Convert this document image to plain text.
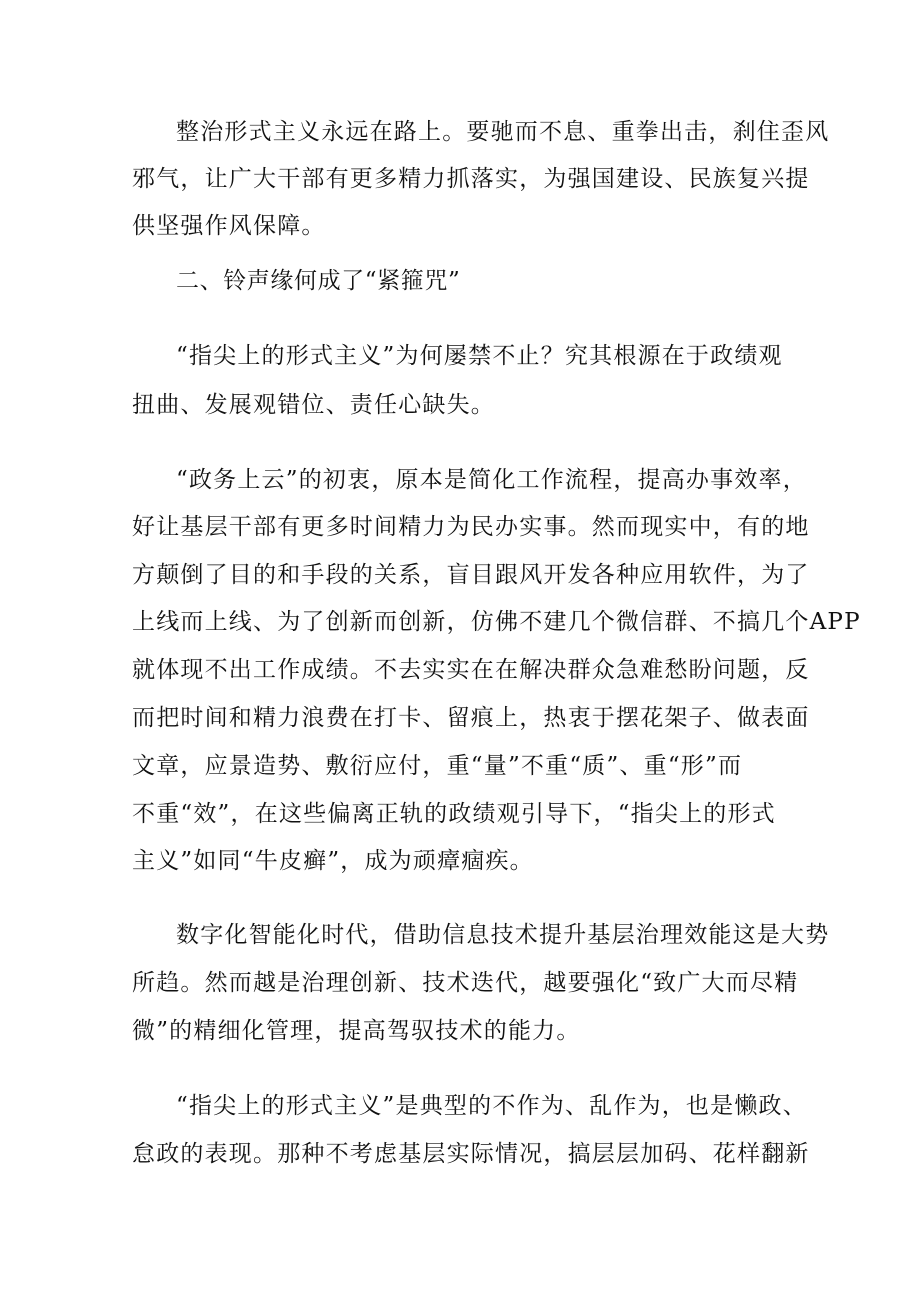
整治形式主义永远在路上。要驰而不息、重拳出击，刹住歪风
邪气，让广大干部有更多精力抓落实，为强国建设、民族复兴提
供坚强作风保障。
二、铃声缘何成了“紧箍咒”
“指尖上的形式主义”为何屡禁不止？究其根源在于政绩观
扭曲、发展观错位、责任心缺失。
“政务上云”的初衷，原本是简化工作流程，提高办事效率，
好让基层干部有更多时间精力为民办实事。然而现实中，有的地
方颠倒了目的和手段的关系，盲目跟风开发各种应用软件，为了
上线而上线、为了创新而创新，仿佛不建几个微信群、不搞几个APP
就体现不出工作成绩。不去实实在在解决群众急难愁盼问题，反
而把时间和精力浪费在打卡、留痕上，热衷于摆花架子、做表面
文章，应景造势、敷衍应付，重“量”不重“质”、重“形”而
不重“效”，在这些偏离正轨的政绩观引导下，“指尖上的形式
主义”如同“牛皮癣”，成为顽瘴痼疾。
数字化智能化时代，借助信息技术提升基层治理效能这是大势
所趋。然而越是治理创新、技术迭代，越要强化“致广大而尽精
微”的精细化管理，提高驾驭技术的能力。
“指尖上的形式主义”是典型的不作为、乱作为，也是懒政、
怠政的表现。那种不考虑基层实际情况，搞层层加码、花样翻新
